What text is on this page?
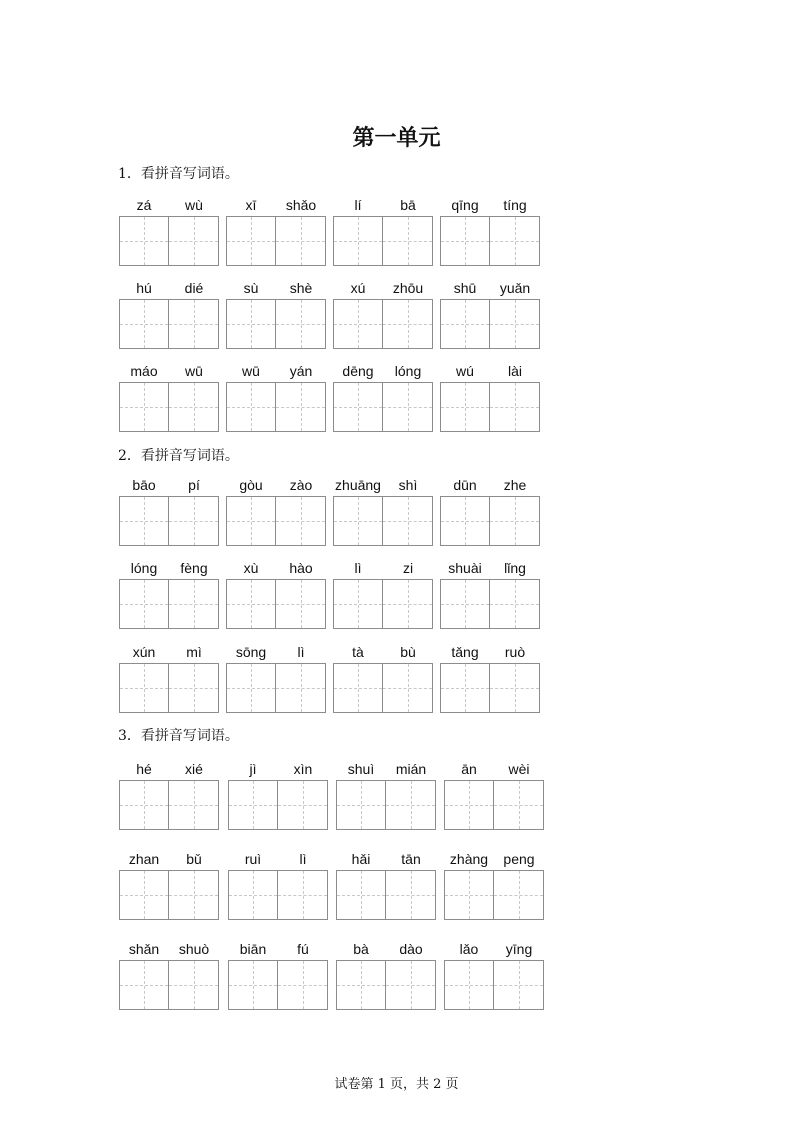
第一单元
1．看拼音写词语。
zá	wù	xī	shǎo	lí	bā	qīng	tíng
hú	dié	sù	shè	xú	zhōu	shū	yuǎn
máo	wū	wū	yán	dēng	lóng	wú	lài
2．看拼音写词语。
bāo	pí	gòu	zào	zhuāng	shì	dūn	zhe
lóng	fèng	xù	hào	lì	zi	shuài	lǐng
xún	mì	sōng	lì	tà	bù	tǎng	ruò
3．看拼音写词语。
hé	xié	jì	xìn	shuì	mián	ān	wèi
zhan	bǔ	ruì	lì	hǎi	tān	zhàng	peng
shǎn	shuò	biān	fú	bà	dào	lǎo	yīng
试卷第 1 页，共 2 页
